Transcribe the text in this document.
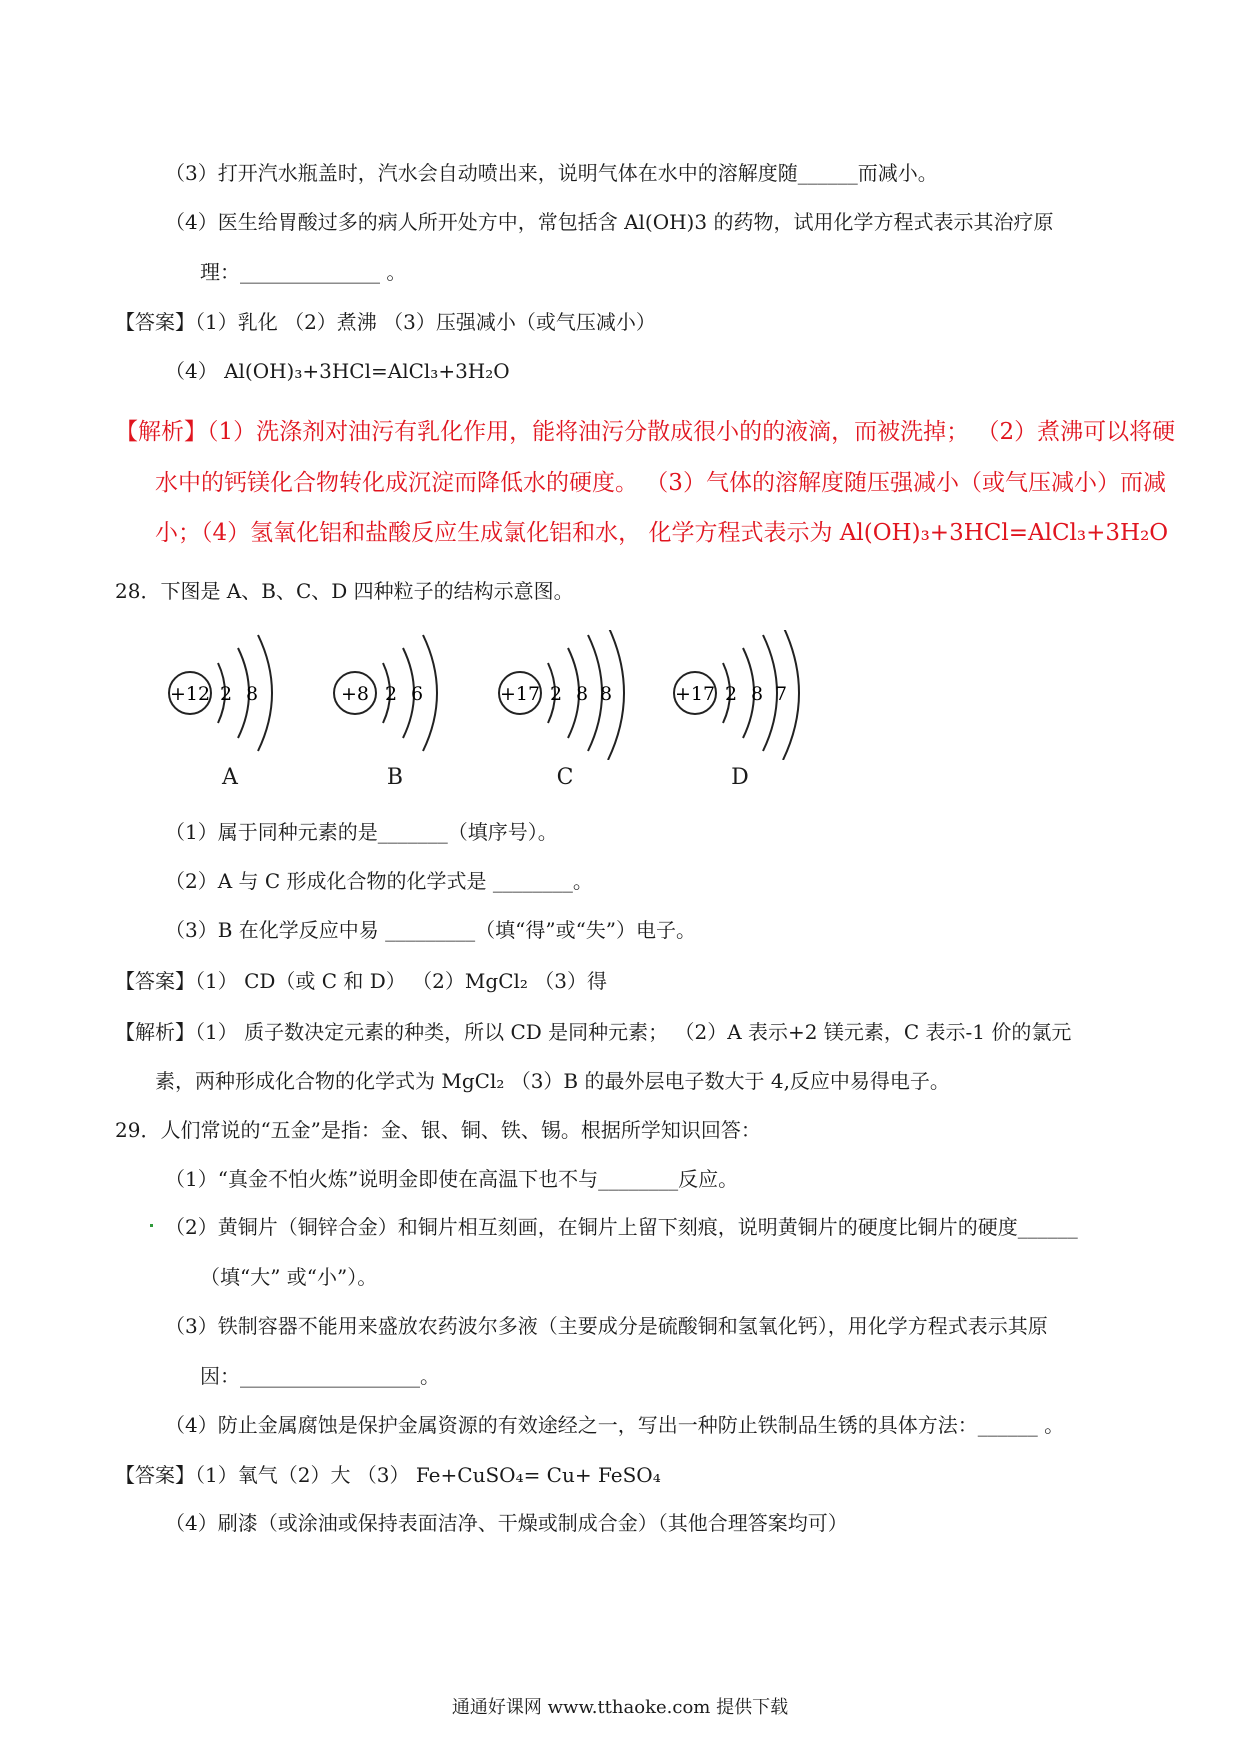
（3）打开汽水瓶盖时，汽水会自动喷出来，说明气体在水中的溶解度随______而减小。
（4）医生给胃酸过多的病人所开处方中，常包括含 Al(OH)3 的药物，试用化学方程式表示其治疗原
理：______________ 。
【答案】（1）乳化 （2）煮沸 （3）压强减小（或气压减小）
（4） Al(OH)₃+3HCl=AlCl₃+3H₂O
【解析】（1）洗涤剂对油污有乳化作用，能将油污分散成很小的的液滴，而被洗掉； （2）煮沸可以将硬
水中的钙镁化合物转化成沉淀而降低水的硬度。 （3）气体的溶解度随压强减小（或气压减小）而减
小；（4）氢氧化铝和盐酸反应生成氯化铝和水， 化学方程式表示为 Al(OH)₃+3HCl=AlCl₃+3H₂O
28．下图是 A、B、C、D 四种粒子的结构示意图。
+12 2 8
A
+8 2 6
B
+17 2 8 8
C
+17 2 8 7
D
（1）属于同种元素的是_______（填序号）。
（2）A 与 C 形成化合物的化学式是 ________。
（3）B 在化学反应中易 _________（填“得”或“失”）电子。
【答案】（1） CD（或 C 和 D） （2）MgCl₂ （3）得
【解析】（1） 质子数决定元素的种类，所以 CD 是同种元素； （2）A 表示+2 镁元素，C 表示-1 价的氯元
素，两种形成化合物的化学式为 MgCl₂ （3）B 的最外层电子数大于 4,反应中易得电子。
29．人们常说的“五金”是指：金、银、铜、铁、锡。根据所学知识回答：
（1）“真金不怕火炼”说明金即使在高温下也不与________反应。
（2）黄铜片（铜锌合金）和铜片相互刻画，在铜片上留下刻痕，说明黄铜片的硬度比铜片的硬度______
（填“大” 或“小”）。
（3）铁制容器不能用来盛放农药波尔多液（主要成分是硫酸铜和氢氧化钙），用化学方程式表示其原
因：__________________。
（4）防止金属腐蚀是保护金属资源的有效途经之一，写出一种防止铁制品生锈的具体方法：______ 。
【答案】（1）氧气（2）大 （3） Fe+CuSO₄= Cu+ FeSO₄
（4）刷漆（或涂油或保持表面洁净、干燥或制成合金）（其他合理答案均可）
通通好课网 www.tthaoke.com 提供下载
